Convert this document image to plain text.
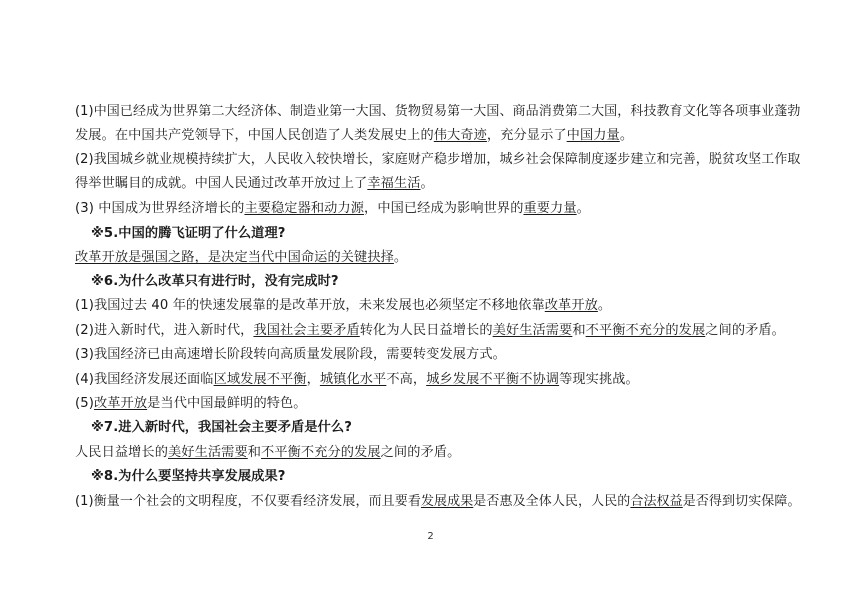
(1)中国已经成为世界第二大经济体、制造业第一大国、货物贸易第一大国、商品消费第二大国，科技教育文化等各项事业蓬勃
发展。在中国共产党领导下，中国人民创造了人类发展史上的伟大奇迹，充分显示了中国力量。
(2)我国城乡就业规模持续扩大，人民收入较快增长，家庭财产稳步增加，城乡社会保障制度逐步建立和完善，脱贫攻坚工作取
得举世瞩目的成就。中国人民通过改革开放过上了幸福生活。
(3) 中国成为世界经济增长的主要稳定器和动力源，中国已经成为影响世界的重要力量。
※5.中国的腾飞证明了什么道理?
改革开放是强国之路，是决定当代中国命运的关键抉择。
※6.为什么改革只有进行时，没有完成时?
(1)我国过去 40 年的快速发展靠的是改革开放，未来发展也必须坚定不移地依靠改革开放。
(2)进入新时代，进入新时代，我国社会主要矛盾转化为人民日益增长的美好生活需要和不平衡不充分的发展之间的矛盾。
(3)我国经济已由高速增长阶段转向高质量发展阶段，需要转变发展方式。
(4)我国经济发展还面临区域发展不平衡，城镇化水平不高，城乡发展不平衡不协调等现实挑战。
(5)改革开放是当代中国最鲜明的特色。
※7.进入新时代，我国社会主要矛盾是什么?
人民日益增长的美好生活需要和不平衡不充分的发展之间的矛盾。
※8.为什么要坚持共享发展成果?
(1)衡量一个社会的文明程度，不仅要看经济发展，而且要看发展成果是否惠及全体人民，人民的合法权益是否得到切实保障。
2
